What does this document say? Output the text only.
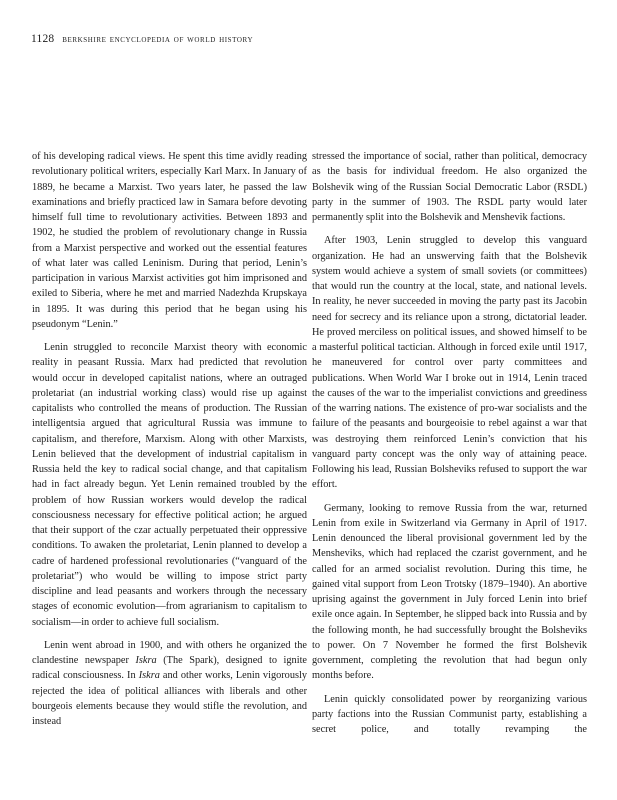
1128 berkshire encyclopedia of world history

of his developing radical views. He spent this time avidly reading revolutionary political writers, especially Karl Marx. In January of 1889, he became a Marxist. Two years later, he passed the law examinations and briefly practiced law in Samara before devoting himself full time to revolutionary activities. Between 1893 and 1902, he studied the problem of revolutionary change in Russia from a Marxist perspective and worked out the essential features of what later was called Leninism. During that period, Lenin’s participation in various Marxist activities got him imprisoned and exiled to Siberia, where he met and married Nadezhda Krupskaya in 1895. It was during this period that he began using his pseudonym “Lenin.”

Lenin struggled to reconcile Marxist theory with economic reality in peasant Russia. Marx had predicted that revolution would occur in developed capitalist nations, where an outraged proletariat (an industrial working class) would rise up against capitalists who controlled the means of production. The Russian intelligentsia argued that agricultural Russia was immune to capitalism, and therefore, Marxism. Along with other Marxists, Lenin believed that the development of industrial capitalism in Russia held the key to radical social change, and that capitalism had in fact already begun. Yet Lenin remained troubled by the problem of how Russian workers would develop the radical consciousness necessary for effective political action; he argued that their support of the czar actually perpetuated their oppressive conditions. To awaken the proletariat, Lenin planned to develop a cadre of hardened professional revolutionaries (“vanguard of the proletariat”) who would be willing to impose strict party discipline and lead peasants and workers through the necessary stages of economic evolution—from agrarianism to capitalism to socialism—in order to achieve full socialism.

Lenin went abroad in 1900, and with others he organized the clandestine newspaper Iskra (The Spark), designed to ignite radical consciousness. In Iskra and other works, Lenin vigorously rejected the idea of political alliances with liberals and other bourgeois elements because they would stifle the revolution, and instead

stressed the importance of social, rather than political, democracy as the basis for individual freedom. He also organized the Bolshevik wing of the Russian Social Democratic Labor (RSDL) party in the summer of 1903. The RSDL party would later permanently split into the Bolshevik and Menshevik factions.

After 1903, Lenin struggled to develop this vanguard organization. He had an unswerving faith that the Bolshevik system would achieve a system of small soviets (or committees) that would run the country at the local, state, and national levels. In reality, he never succeeded in moving the party past its Jacobin need for secrecy and its reliance upon a strong, dictatorial leader. He proved merciless on political issues, and showed himself to be a masterful political tactician. Although in forced exile until 1917, he maneuvered for control over party committees and publications. When World War I broke out in 1914, Lenin traced the causes of the war to the imperialist convictions and greediness of the warring nations. The existence of pro-war socialists and the failure of the peasants and bourgeoisie to rebel against a war that was destroying them reinforced Lenin’s conviction that his vanguard party concept was the only way of attaining peace. Following his lead, Russian Bolsheviks refused to support the war effort.

Germany, looking to remove Russia from the war, returned Lenin from exile in Switzerland via Germany in April of 1917. Lenin denounced the liberal provisional government led by the Mensheviks, which had replaced the czarist government, and he called for an armed socialist revolution. During this time, he gained vital support from Leon Trotsky (1879–1940). An abortive uprising against the government in July forced Lenin into brief exile once again. In September, he slipped back into Russia and by the following month, he had successfully brought the Bolsheviks to power. On 7 November he formed the first Bolshevik government, completing the revolution that had begun only months before.

Lenin quickly consolidated power by reorganizing various party factions into the Russian Communist party, establishing a secret police, and totally revamping the
